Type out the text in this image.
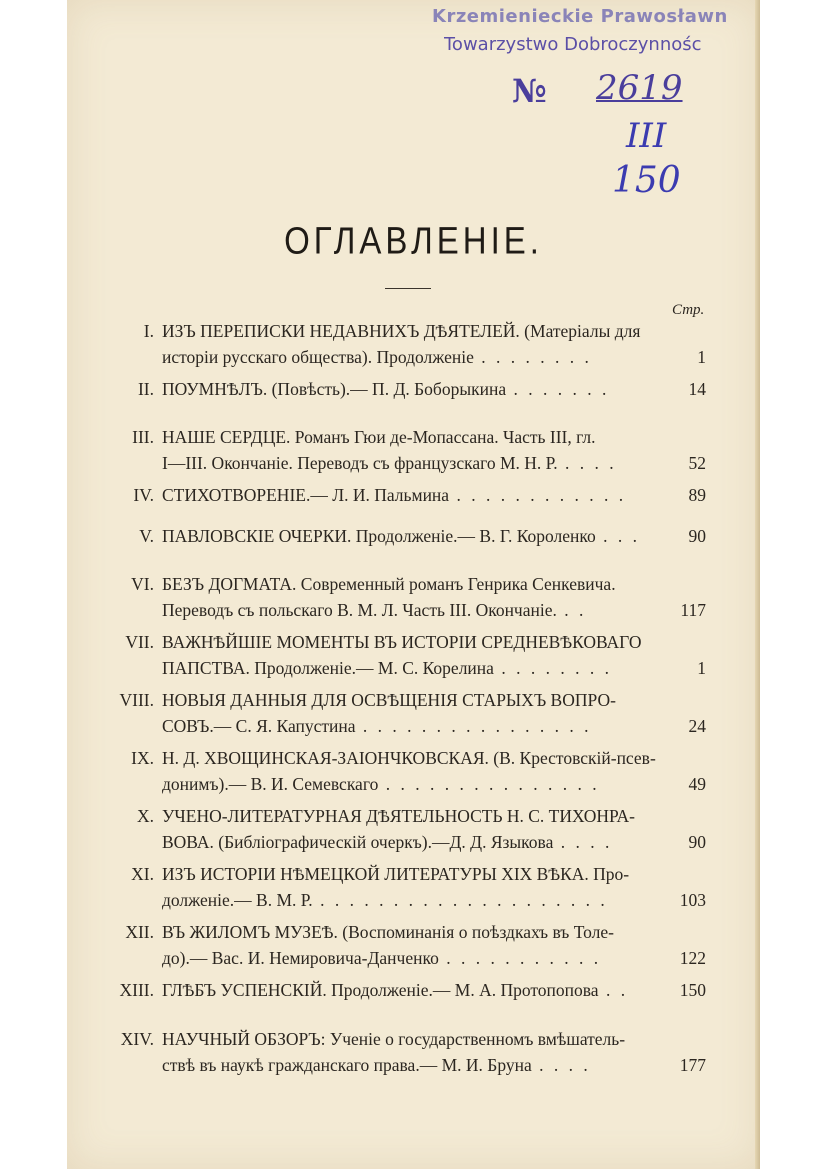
Krzemienieckie Prawosławn
Towarzystwo Dobroczynnośc
№ 2619
III
150
ОГЛАВЛЕНІЕ.
Стр.
I. ИЗЪ ПЕРЕПИСКИ НЕДАВНИХЪ ДѢЯТЕЛЕЙ. (Матеріалы для
исторіи русскаго общества). Продолженіе . . . . . . . .	1
II. ПОУМНѢЛЪ. (Повѣсть).— П. Д. Боборыкина . . . . . . .	14
III. НАШЕ СЕРДЦЕ. Романъ Гюи де-Мопассана. Часть III, гл.
I—III. Окончаніе. Переводъ съ французскаго М. Н. Р. . . . .	52
IV. СТИХОТВОРЕНІЕ.— Л. И. Пальмина . . . . . . . . . . . .	89
V. ПАВЛОВСКІЕ ОЧЕРКИ. Продолженіе.— В. Г. Короленко . . .	90
VI. БЕЗЪ ДОГМАТА. Современный романъ Генрика Сенкевича.
Переводъ съ польскаго В. М. Л. Часть III. Окончаніе. . .	117
VII. ВАЖНѢЙШІЕ МОМЕНТЫ ВЪ ИСТОРІИ СРЕДНЕВѢКОВАГО
ПАПСТВА. Продолженіе.— М. С. Корелина . . . . . . . .	1
VIII. НОВЫЯ ДАННЫЯ ДЛЯ ОСВѢЩЕНІЯ СТАРЫХЪ ВОПРО-
СОВЪ.— С. Я. Капустина . . . . . . . . . . . . . . . .	24
IX. Н. Д. ХВОЩИНСКАЯ-ЗАІОНЧКОВСКАЯ. (В. Крестовскій-псев-
донимъ).— В. И. Семевскаго . . . . . . . . . . . . . . .	49
X. УЧЕНО-ЛИТЕРАТУРНАЯ ДѢЯТЕЛЬНОСТЬ Н. С. ТИХОНРА-
ВОВА. (Библіографическій очеркъ).—Д. Д. Языкова . . . .	90
XI. ИЗЪ ИСТОРІИ НѢМЕЦКОЙ ЛИТЕРАТУРЫ XIX ВѢКА. Про-
долженіе.— В. М. Р. . . . . . . . . . . . . . . . . . . . .	103
XII. ВЪ ЖИЛОМЪ МУЗЕѢ. (Воспоминанія о поѣздкахъ въ Толе-
до).— Вас. И. Немировича-Данченко . . . . . . . . . . .	122
XIII. ГЛѢБЪ УСПЕНСКІЙ. Продолженіе.— М. А. Протопопова . .	150
XIV. НАУЧНЫЙ ОБЗОРЪ: Ученіе о государственномъ вмѣшатель-
ствѣ въ наукѣ гражданскаго права.— М. И. Бруна . . . .	177
